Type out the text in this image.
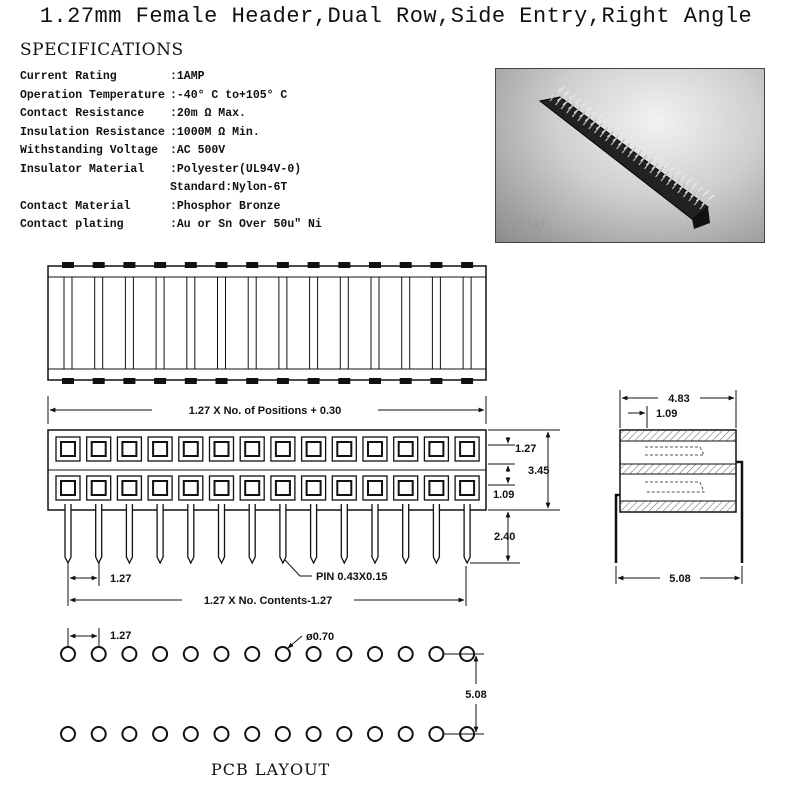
1.27mm Female Header,Dual Row,Side Entry,Right Angle
SPECIFICATIONS
Current Rating	:1AMP
Operation Temperature :-40° C to+105° C
Contact Resistance :20m Ω Max.
Insulation Resistance :1000M Ω Min.
Withstanding Voltage :AC 500V
Insulator Material :Polyester(UL94V-0)
Standard:Nylon-6T
Contact Material	:Phosphor Bronze
Contact plating	:Au or Sn Over 50u" Ni	YLW
1.27 X No. of Positions + 0.30
3.45
1.27
1.09
2.40
1.27	PIN 0.43X0.15
1.27 X No. Contents-1.27
4.83
1.09
5.08
1.27	ø0.70
5.08
PCB LAYOUT
